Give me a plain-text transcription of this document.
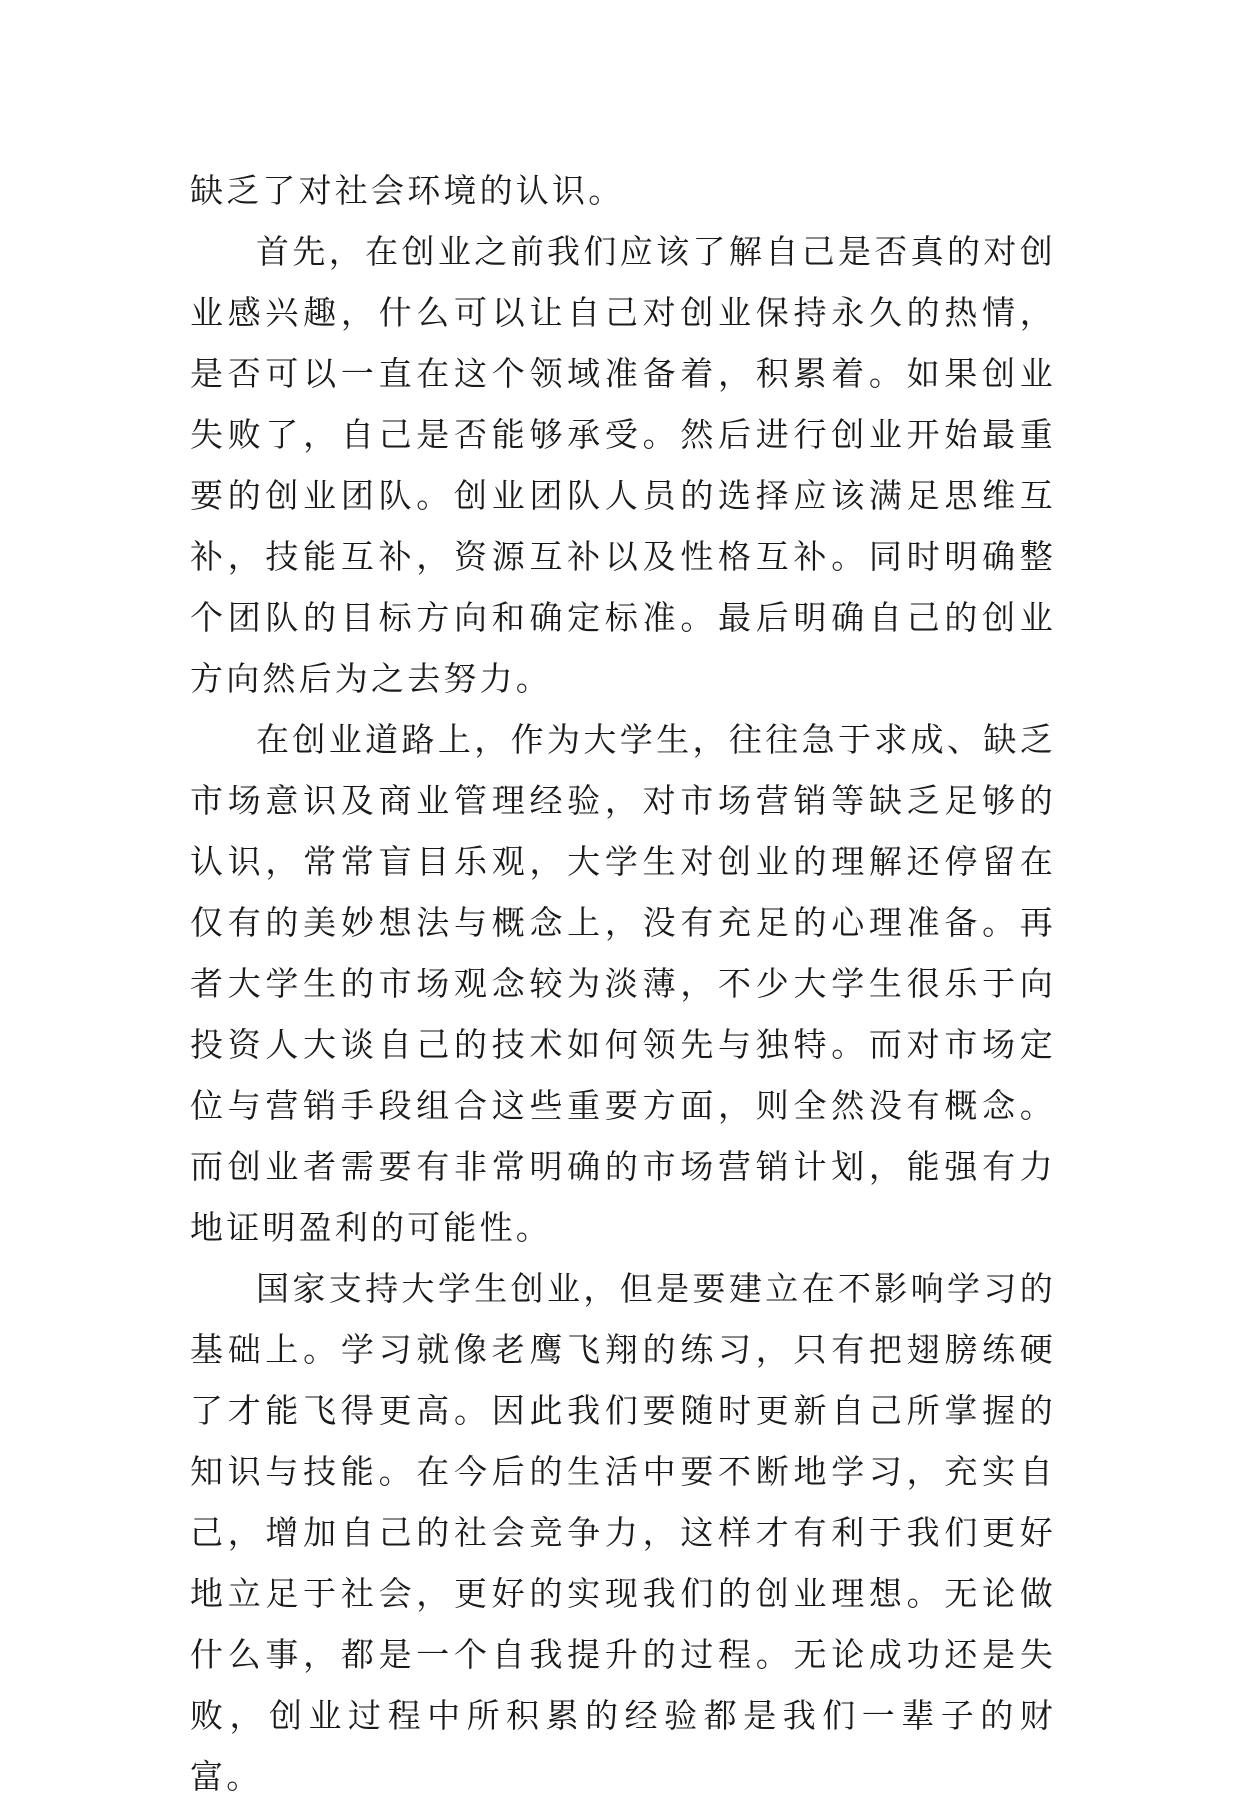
缺乏了对社会环境的认识。

首先，在创业之前我们应该了解自己是否真的对创业感兴趣，什么可以让自己对创业保持永久的热情，是否可以一直在这个领域准备着，积累着。如果创业失败了，自己是否能够承受。然后进行创业开始最重要的创业团队。创业团队人员的选择应该满足思维互补，技能互补，资源互补以及性格互补。同时明确整个团队的目标方向和确定标准。最后明确自己的创业方向然后为之去努力。

在创业道路上，作为大学生，往往急于求成、缺乏市场意识及商业管理经验，对市场营销等缺乏足够的认识，常常盲目乐观，大学生对创业的理解还停留在仅有的美妙想法与概念上，没有充足的心理准备。再者大学生的市场观念较为淡薄，不少大学生很乐于向投资人大谈自己的技术如何领先与独特。而对市场定位与营销手段组合这些重要方面，则全然没有概念。而创业者需要有非常明确的市场营销计划，能强有力地证明盈利的可能性。

国家支持大学生创业，但是要建立在不影响学习的基础上。学习就像老鹰飞翔的练习，只有把翅膀练硬了才能飞得更高。因此我们要随时更新自己所掌握的知识与技能。在今后的生活中要不断地学习，充实自己，增加自己的社会竞争力，这样才有利于我们更好地立足于社会，更好的实现我们的创业理想。无论做什么事，都是一个自我提升的过程。无论成功还是失败，创业过程中所积累的经验都是我们一辈子的财富。
